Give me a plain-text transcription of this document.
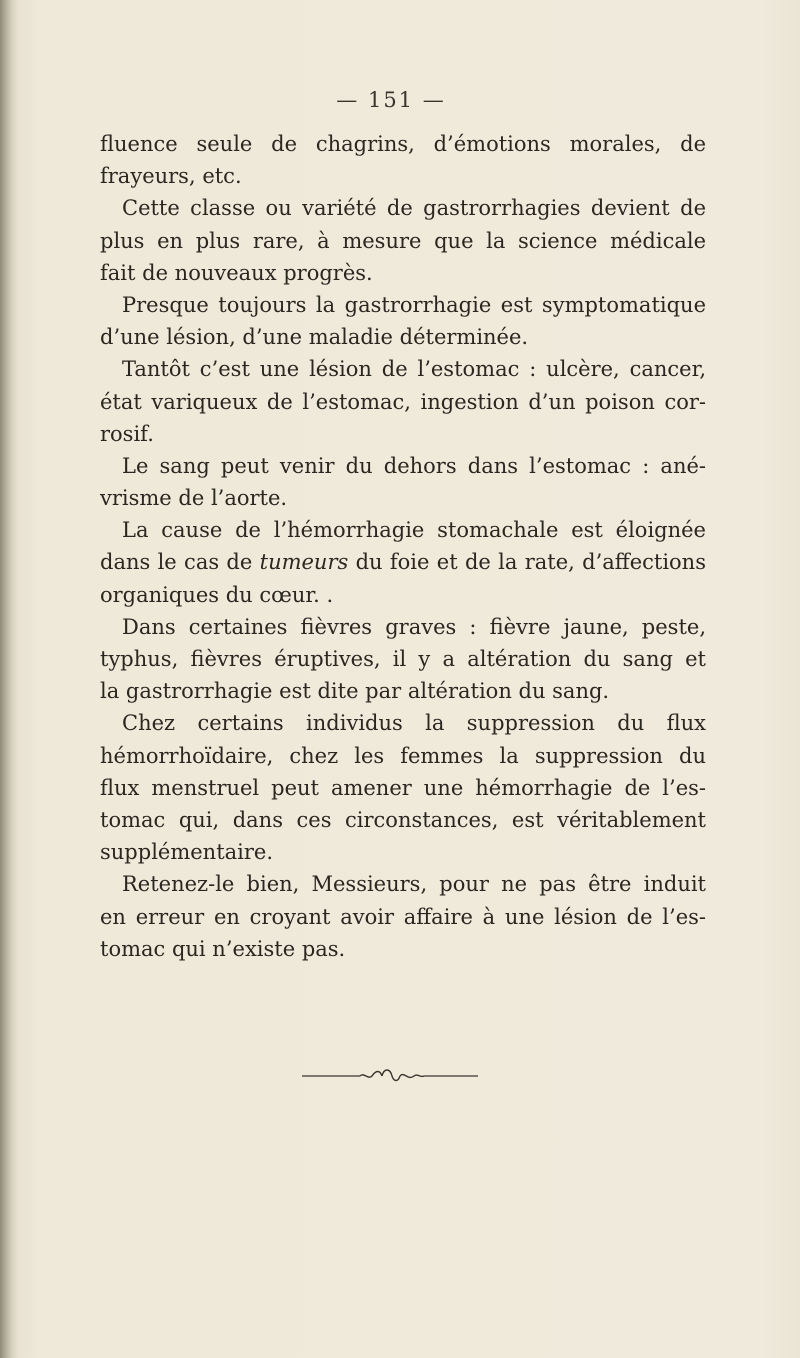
— 151 —
fluence seule de chagrins, d’émotions morales, de
frayeurs, etc.
Cette classe ou variété de gastrorrhagies devient de
plus en plus rare, à mesure que la science médicale
fait de nouveaux progrès.
Presque toujours la gastrorrhagie est symptomatique
d’une lésion, d’une maladie déterminée.
Tantôt c’est une lésion de l’estomac : ulcère, cancer,
état variqueux de l’estomac, ingestion d’un poison cor-
rosif.
Le sang peut venir du dehors dans l’estomac : ané-
vrisme de l’aorte.
La cause de l’hémorrhagie stomachale est éloignée
dans le cas de tumeurs du foie et de la rate, d’affections
organiques du cœur. .
Dans certaines fièvres graves : fièvre jaune, peste,
typhus, fièvres éruptives, il y a altération du sang et
la gastrorrhagie est dite par altération du sang.
Chez certains individus la suppression du flux
hémorrhoïdaire, chez les femmes la suppression du
flux menstruel peut amener une hémorrhagie de l’es-
tomac qui, dans ces circonstances, est véritablement
supplémentaire.
Retenez-le bien, Messieurs, pour ne pas être induit
en erreur en croyant avoir affaire à une lésion de l’es-
tomac qui n’existe pas.
